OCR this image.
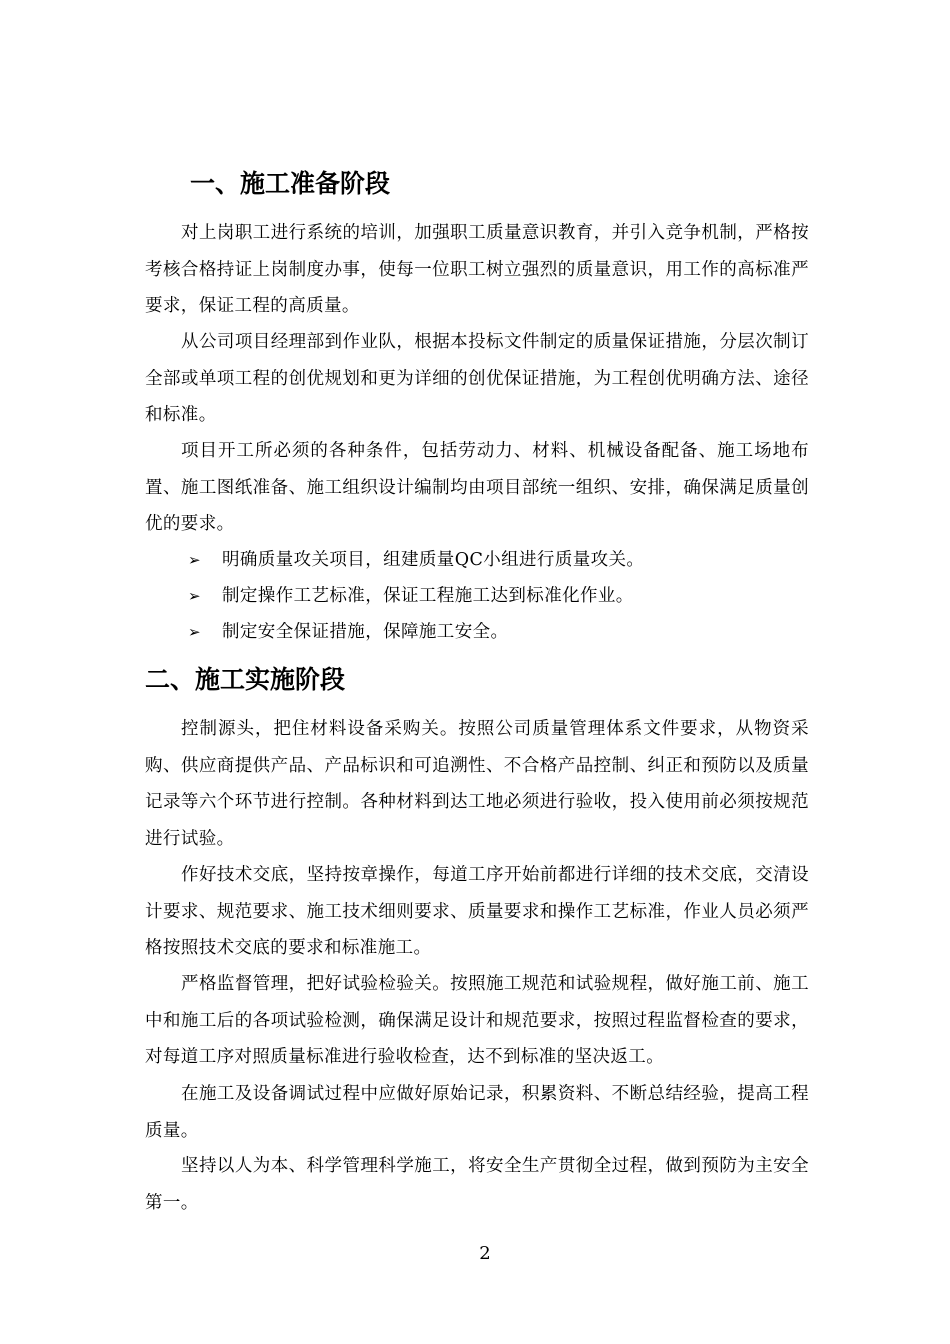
一、施工准备阶段

对上岗职工进行系统的培训，加强职工质量意识教育，并引入竞争机制，严格按考核合格持证上岗制度办事，使每一位职工树立强烈的质量意识，用工作的高标准严要求，保证工程的高质量。

从公司项目经理部到作业队，根据本投标文件制定的质量保证措施，分层次制订全部或单项工程的创优规划和更为详细的创优保证措施，为工程创优明确方法、途径和标准。

项目开工所必须的各种条件，包括劳动力、材料、机械设备配备、施工场地布置、施工图纸准备、施工组织设计编制均由项目部统一组织、安排，确保满足质量创优的要求。

➢ 明确质量攻关项目，组建质量QC小组进行质量攻关。

➢ 制定操作工艺标准，保证工程施工达到标准化作业。

➢ 制定安全保证措施，保障施工安全。

二、施工实施阶段

控制源头，把住材料设备采购关。按照公司质量管理体系文件要求，从物资采购、供应商提供产品、产品标识和可追溯性、不合格产品控制、纠正和预防以及质量记录等六个环节进行控制。各种材料到达工地必须进行验收，投入使用前必须按规范进行试验。

作好技术交底，坚持按章操作，每道工序开始前都进行详细的技术交底，交清设计要求、规范要求、施工技术细则要求、质量要求和操作工艺标准，作业人员必须严格按照技术交底的要求和标准施工。

严格监督管理，把好试验检验关。按照施工规范和试验规程，做好施工前、施工中和施工后的各项试验检测，确保满足设计和规范要求，按照过程监督检查的要求，对每道工序对照质量标准进行验收检查，达不到标准的坚决返工。

在施工及设备调试过程中应做好原始记录，积累资料、不断总结经验，提高工程质量。

坚持以人为本、科学管理科学施工，将安全生产贯彻全过程，做到预防为主安全第一。

2
